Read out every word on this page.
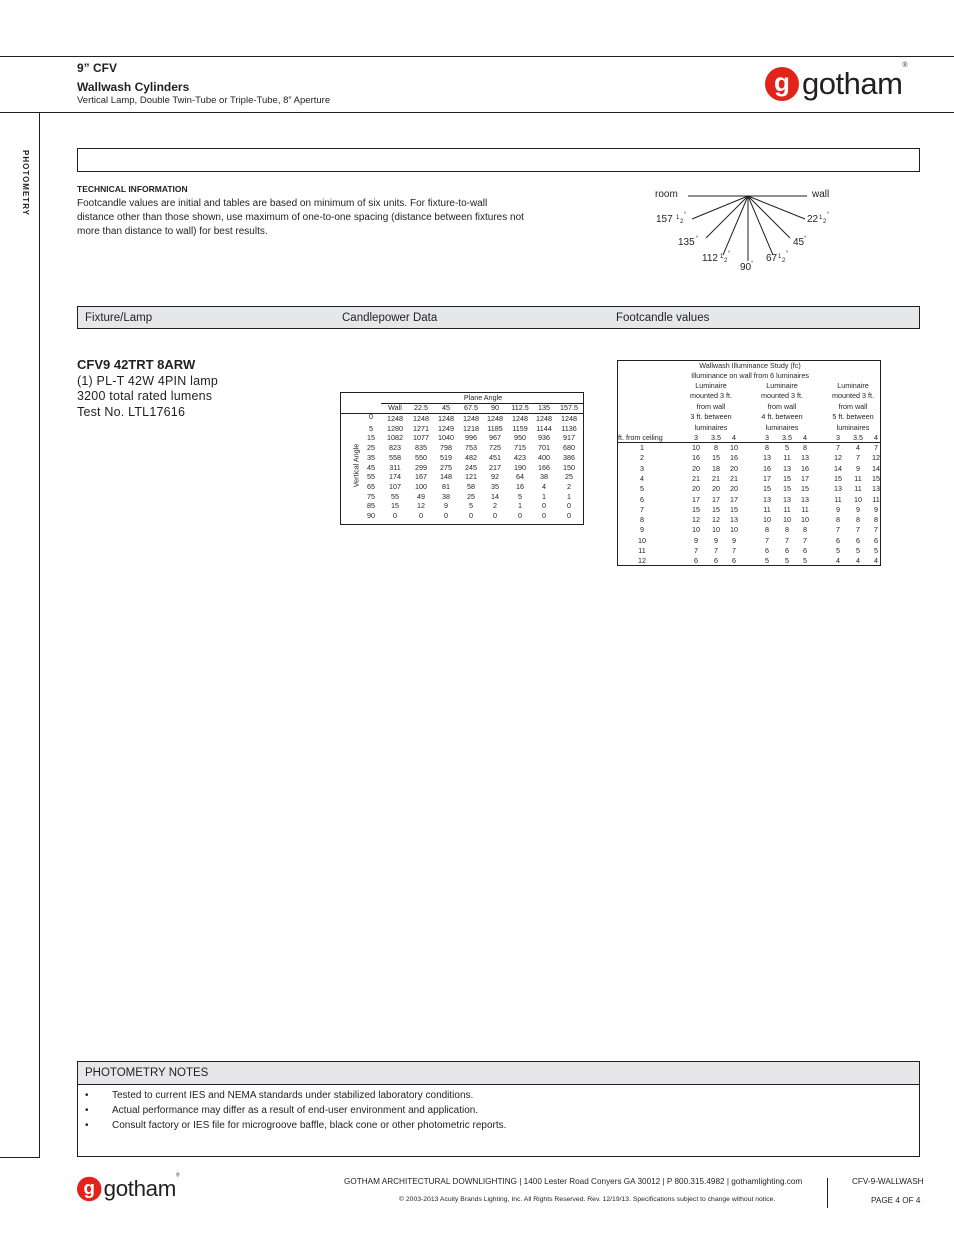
9” CFV
Wallwash Cylinders
Vertical Lamp, Double Twin-Tube or Triple-Tube, 8” Aperture
g gotham®
PHOTOMETRY	TECHNICAL INFORMATION
Footcandle values are initial and tables are based on minimum of six units. For fixture-to-wall
distance other than those shown, use maximum of one-to-one spacing (distance between fixtures not
more than distance to wall) for best results.
room	wall
157 1
2
°	22 1
2
°
135 °	45 °
112 1
2
°
90 ° 67 1
2
°
Fixture/Lamp	Candlepower Data	Footcandle values
CFV9 42TRT 8ARW
(1) PL-T 42W 4PIN lamp
3200 total rated lumens
Test No. LTL17616
Plane Angle
Vertical Angle
Wall	22.5	45	67.5	90	112.5	135	157.5
0	1248	1248	1248	1248	1248	1248	1248	1248
5	1280	1271	1249	1218	1185	1159	1144	1136
15	1082	1077	1040	996	967	950	936	917
25	823	835	798	753	725	715	701	680
35	558	550	519	482	451	423	400	386
45	311	299	275	245	217	190	166	150
55	174	167	148	121	92	64	38	25
65	107	100	81	58	35	16	4	2
75	55	49	38	25	14	5	1	1
85	15	12	9	5	2	1	0	0
90	0	0	0	0	0	0	0	0
Wallwash Illuminance Study (fc)
Illuminance on wall from 6 luminaires
ft. from ceiling
Luminaire
mounted 3 ft.
from wall
3 ft. between
luminaires
Luminaire
mounted 3 ft.
from wall
4 ft. between
luminaires
Luminaire
mounted 3 ft.
from wall
5 ft. between
luminaires
3	3.5	4	3	3.5	4	3	3.5	4
1	10	8	10	8	5	8	7	4	7
2	16	15	16	13	11	13	12	7	12
3	20	18	20	16	13	16	14	9	14
4	21	21	21	17	15	17	15	11	15
5	20	20	20	15	15	15	13	11	13
6	17	17	17	13	13	13	11	10	11
7	15	15	15	11	11	11	9	9	9
8	12	12	13	10	10	10	8	8	8
9	10	10	10	8	8	8	7	7	7
10	9	9	9	7	7	7	6	6	6
11	7	7	7	6	6	6	5	5	5
12	6	6	6	5	5	5	4	4	4
PHOTOMETRY NOTES
• Tested to current IES and NEMA standards under stabilized laboratory conditions.
• Actual performance may differ as a result of end-user environment and application.
• Consult factory or IES file for microgroove baffle, black cone or other photometric reports.
g gotham®
GOTHAM ARCHITECTURAL DOWNLIGHTING | 1400 Lester Road Conyers GA 30012 | P 800.315.4982 | gothamlighting.com
© 2003-2013 Acuity Brands Lighting, Inc. All Rights Reserved. Rev. 12/19/13. Specifications subject to change without notice.
CFV-9-WALLWASH
PAGE 4 OF 4
